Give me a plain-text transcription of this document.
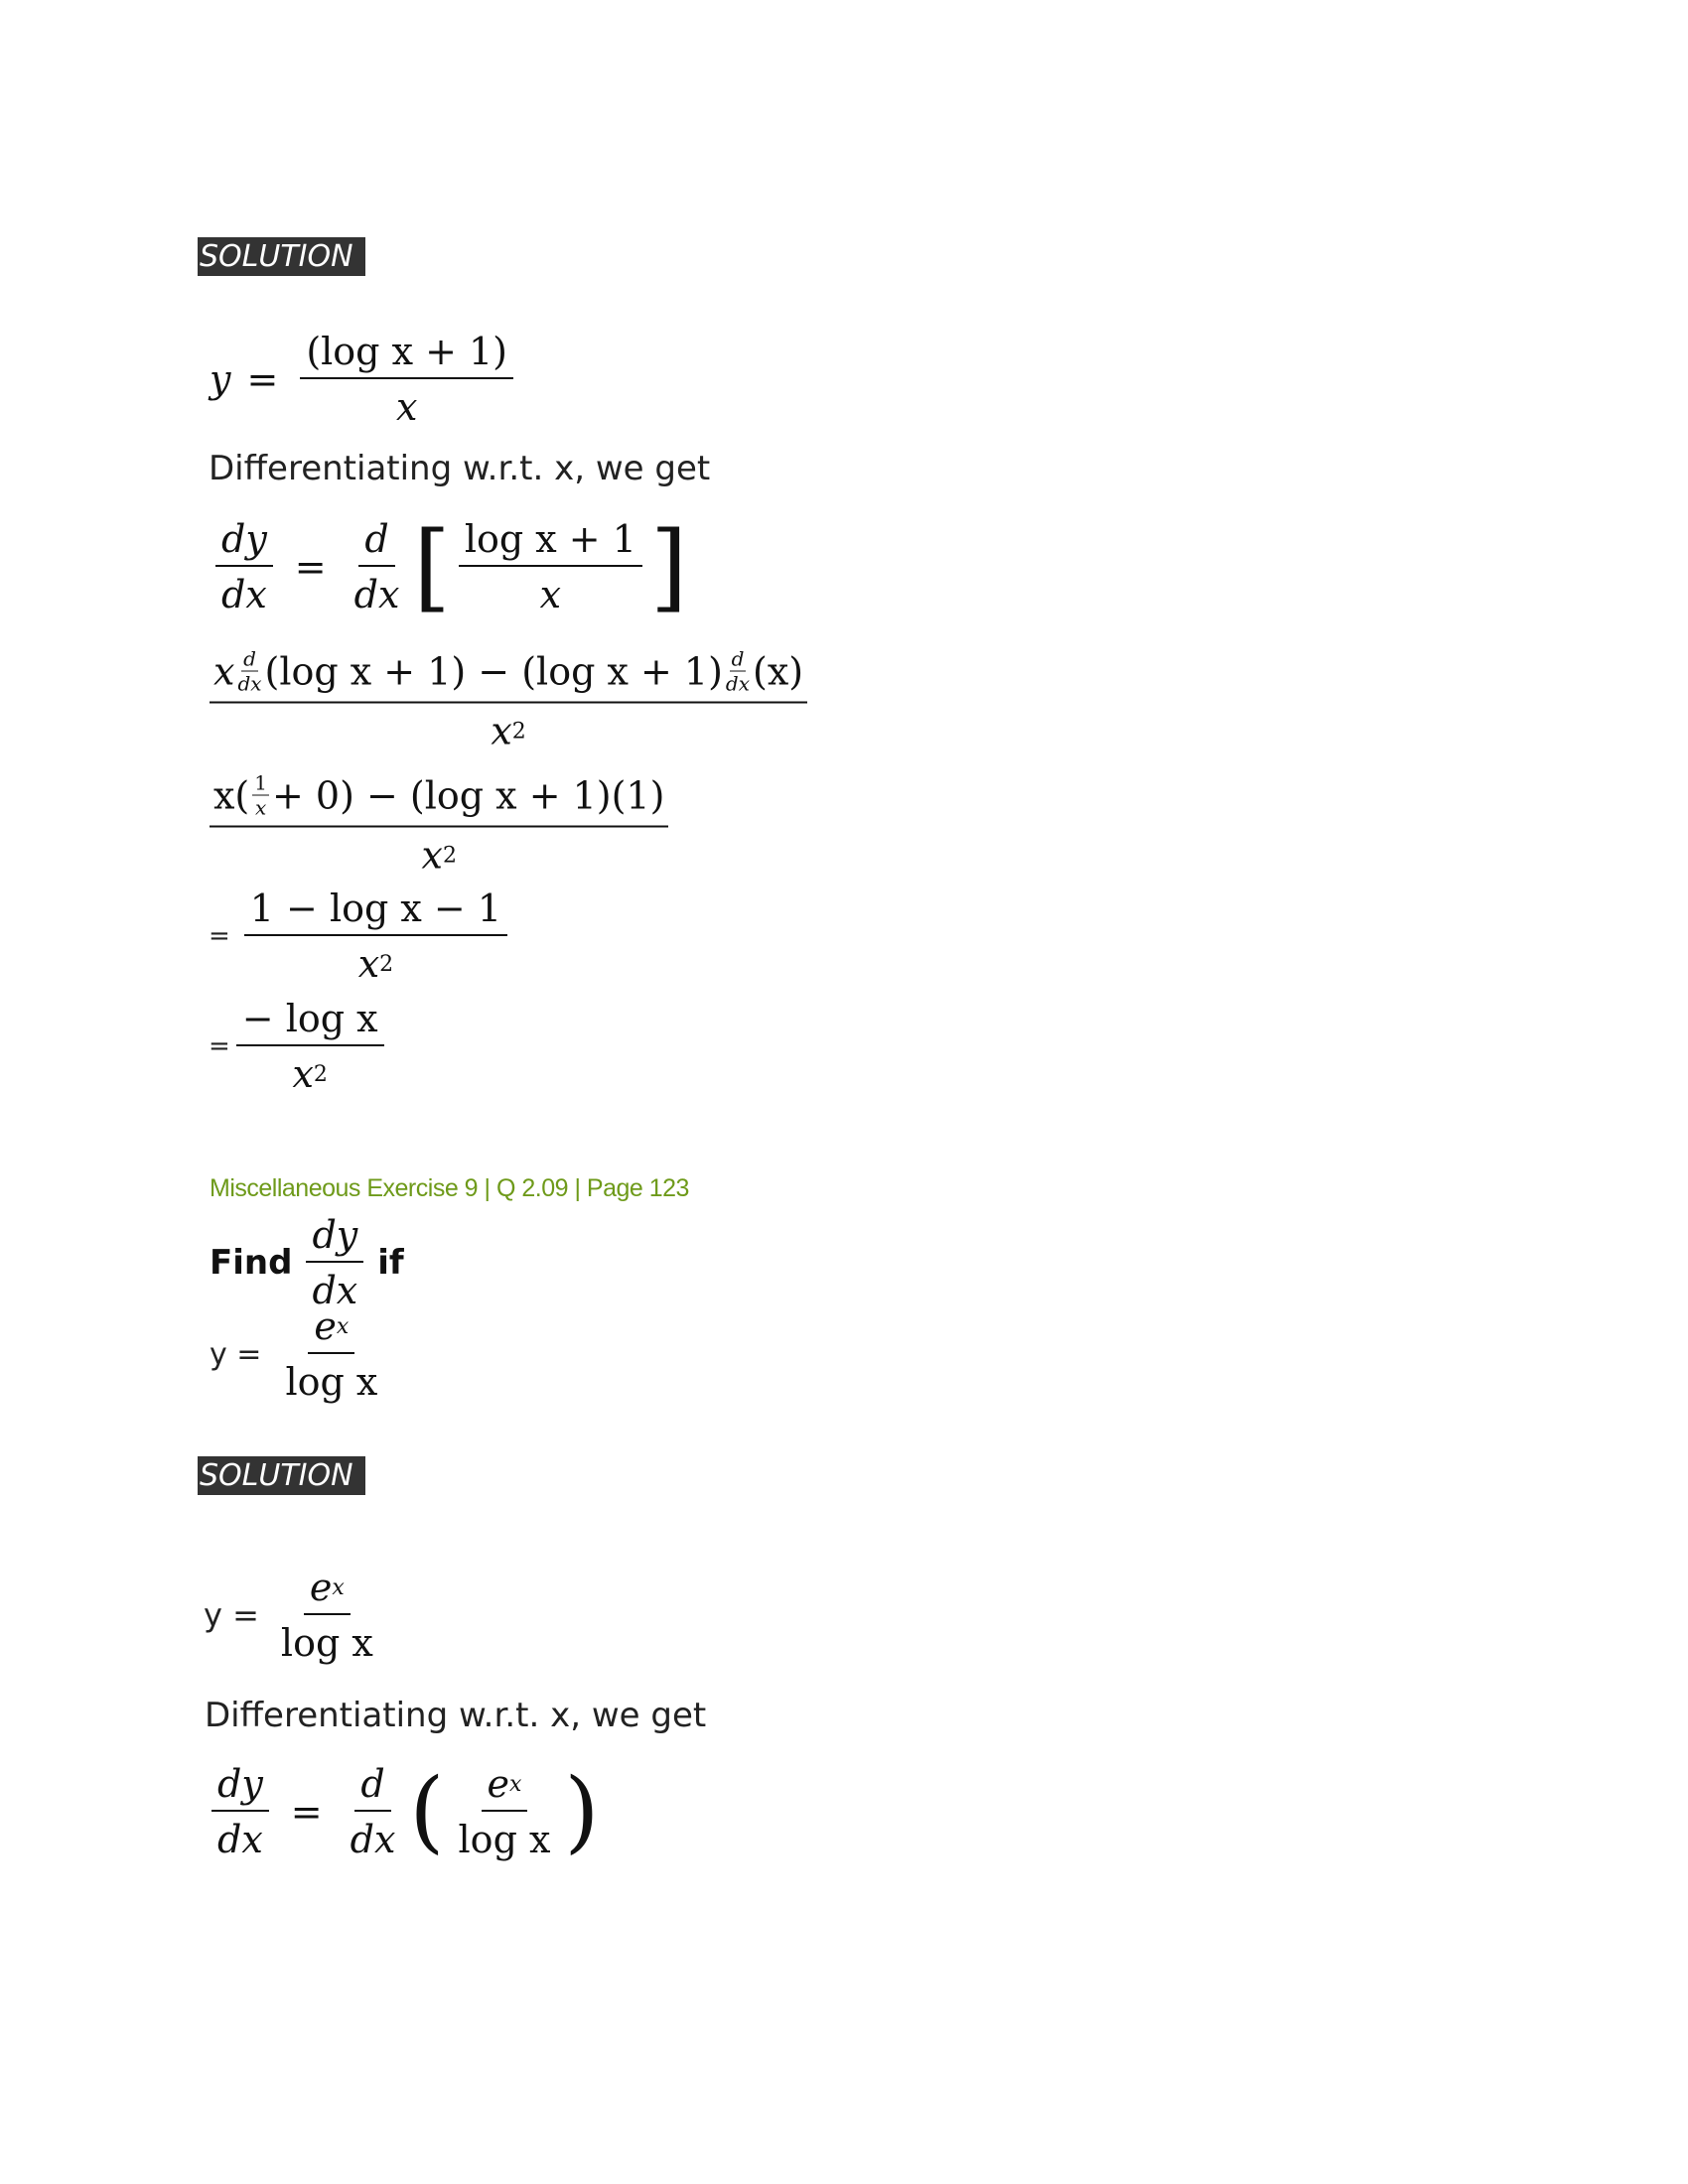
SOLUTION
$y = \frac{\text{(log x + 1)}}{x}$
Differentiating w.r.t. x, we get
$\frac{dy}{dx} = \frac{d}{dx}$ [ $\frac{\text{log x + 1}}{x}$ ]
x $\frac{d}{dx} (\log$ x + 1) − (log $x + 1) \frac{d}{dx} (x)$
x 2
$\frac{x( \frac{1}{x} + 0) - (\log x + 1)(1)}{x 2}$
= $\frac{\text{1 − log x − 1}}{x 2}$
= $\frac{\text{− log x}}{x 2}$
Miscellaneous Exercise 9 | Q 2.09 | Page 123
Find $\frac{dy}{dx}$ if
$y = \frac{\text{e x}}{\text{log x}}$
SOLUTION
$y = \frac{\text{e x}}{\text{log x}}$
Differentiating w.r.t. x, we get
$\frac{dy}{dx} = \frac{d}{dx}$ ( $\frac{\text{e x}}{\text{log x}}$ )
